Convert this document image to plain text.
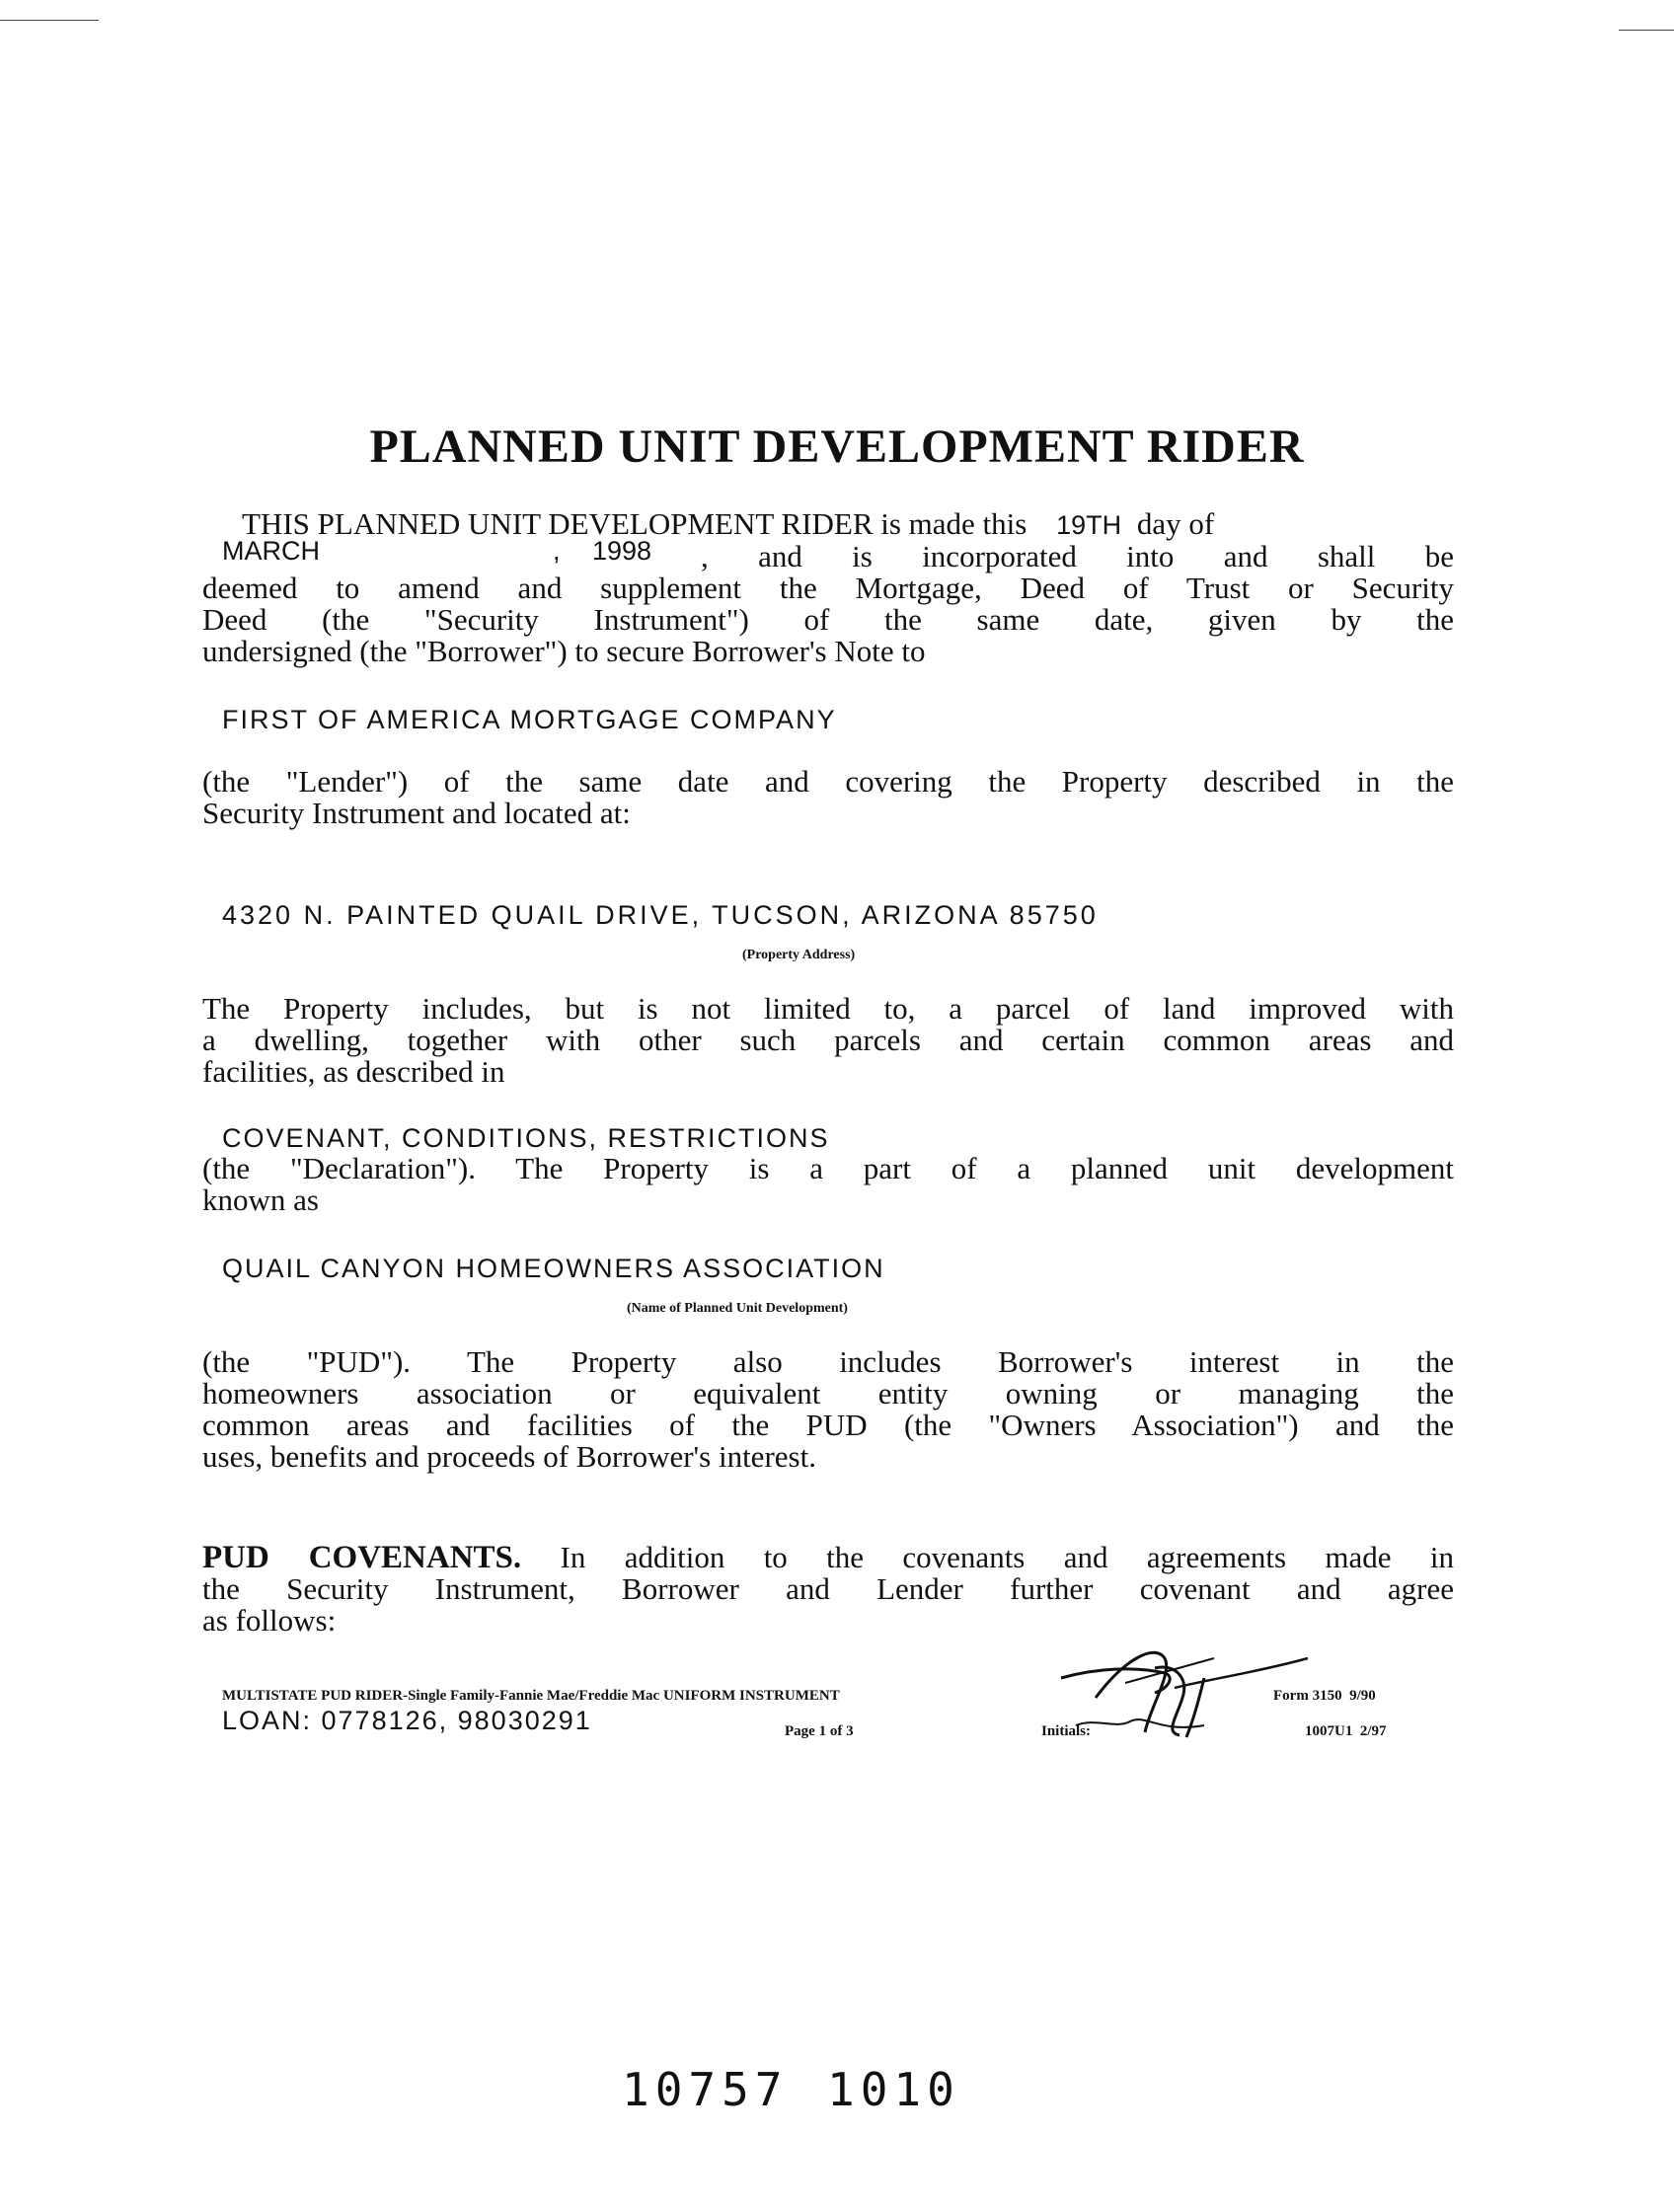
PLANNED UNIT DEVELOPMENT RIDER
THIS PLANNED UNIT DEVELOPMENT RIDER is made this 19TH day of
MARCH	, 1998 , and is incorporated into and shall be
deemed to amend and supplement the Mortgage, Deed of Trust or Security
Deed (the "Security Instrument") of the same date, given by the
undersigned (the "Borrower") to secure Borrower's Note to
FIRST OF AMERICA MORTGAGE COMPANY
(the "Lender") of the same date and covering the Property described in the
Security Instrument and located at:
4320 N. PAINTED QUAIL DRIVE, TUCSON, ARIZONA 85750
(Property Address)
The Property includes, but is not limited to, a parcel of land improved with
a dwelling, together with other such parcels and certain common areas and
facilities, as described in
COVENANT, CONDITIONS, RESTRICTIONS
(the "Declaration"). The Property is a part of a planned unit development
known as
QUAIL CANYON HOMEOWNERS ASSOCIATION
(Name of Planned Unit Development)
(the "PUD"). The Property also includes Borrower's interest in the
homeowners association or equivalent entity owning or managing the
common areas and facilities of the PUD (the "Owners Association") and the
uses, benefits and proceeds of Borrower's interest.
PUD COVENANTS. In addition to the covenants and agreements made in
the Security Instrument, Borrower and Lender further covenant and agree
as follows:
MULTISTATE PUD RIDER-Single Family-Fannie Mae/Freddie Mac UNIFORM INSTRUMENT
LOAN: 0778126, 98030291	Page 1 of 3	Initials:
Form 3150  9/90
1007U1  2/97
10757 1010
